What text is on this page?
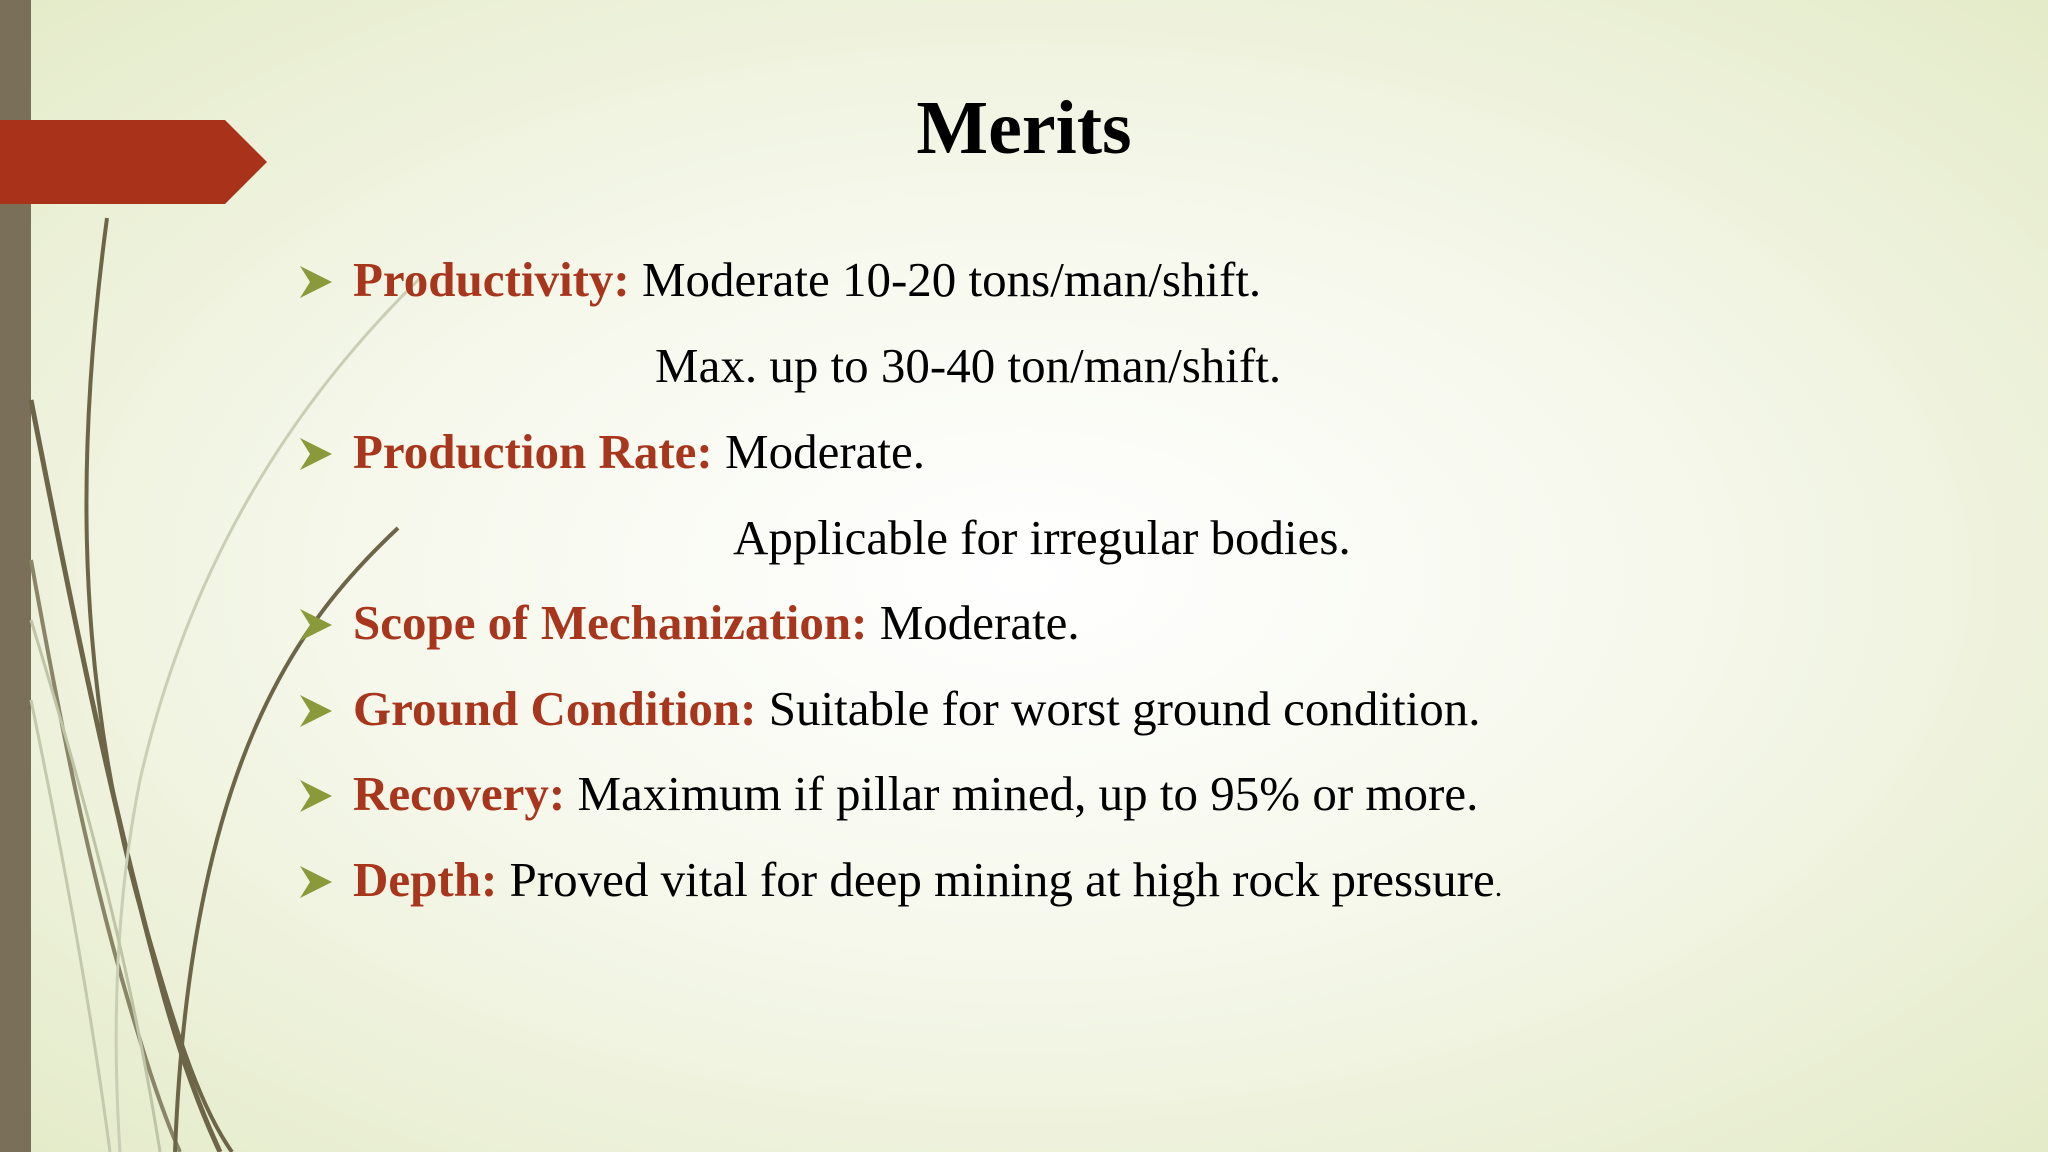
Merits
Productivity: Moderate 10-20 tons/man/shift.
Max. up to 30-40 ton/man/shift.
Production Rate: Moderate.
Applicable for irregular bodies.
Scope of Mechanization: Moderate.
Ground Condition: Suitable for worst ground condition.
Recovery: Maximum if pillar mined, up to 95% or more.
Depth: Proved vital for deep mining at high rock pressure.
